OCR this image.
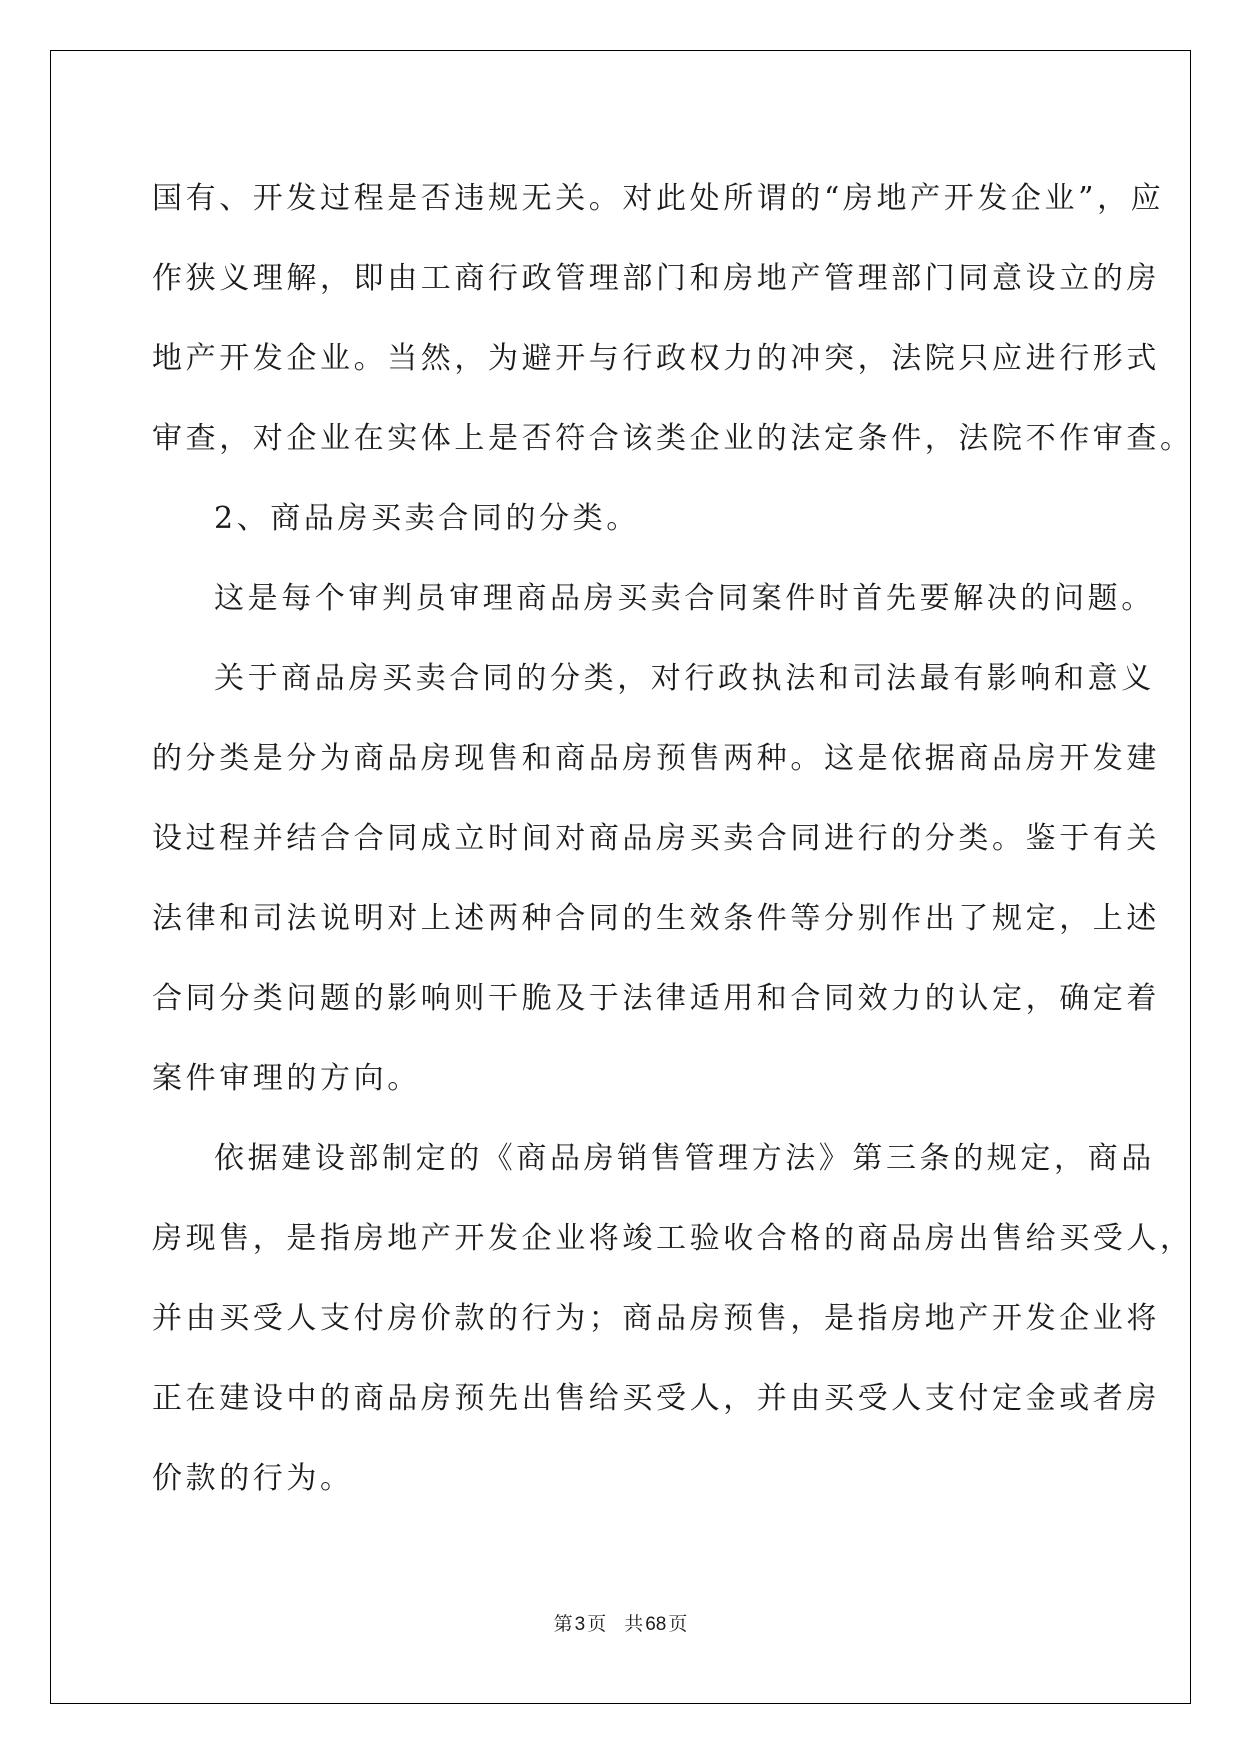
国有、开发过程是否违规无关。对此处所谓的“房地产开发企业”，应
作狭义理解，即由工商行政管理部门和房地产管理部门同意设立的房
地产开发企业。当然，为避开与行政权力的冲突，法院只应进行形式
审查，对企业在实体上是否符合该类企业的法定条件，法院不作审查。
2、商品房买卖合同的分类。
这是每个审判员审理商品房买卖合同案件时首先要解决的问题。
关于商品房买卖合同的分类，对行政执法和司法最有影响和意义
的分类是分为商品房现售和商品房预售两种。这是依据商品房开发建
设过程并结合合同成立时间对商品房买卖合同进行的分类。鉴于有关
法律和司法说明对上述两种合同的生效条件等分别作出了规定，上述
合同分类问题的影响则干脆及于法律适用和合同效力的认定，确定着
案件审理的方向。
依据建设部制定的《商品房销售管理方法》第三条的规定，商品
房现售，是指房地产开发企业将竣工验收合格的商品房出售给买受人，
并由买受人支付房价款的行为；商品房预售，是指房地产开发企业将
正在建设中的商品房预先出售给买受人，并由买受人支付定金或者房
价款的行为。
第 3 页 共 68 页
